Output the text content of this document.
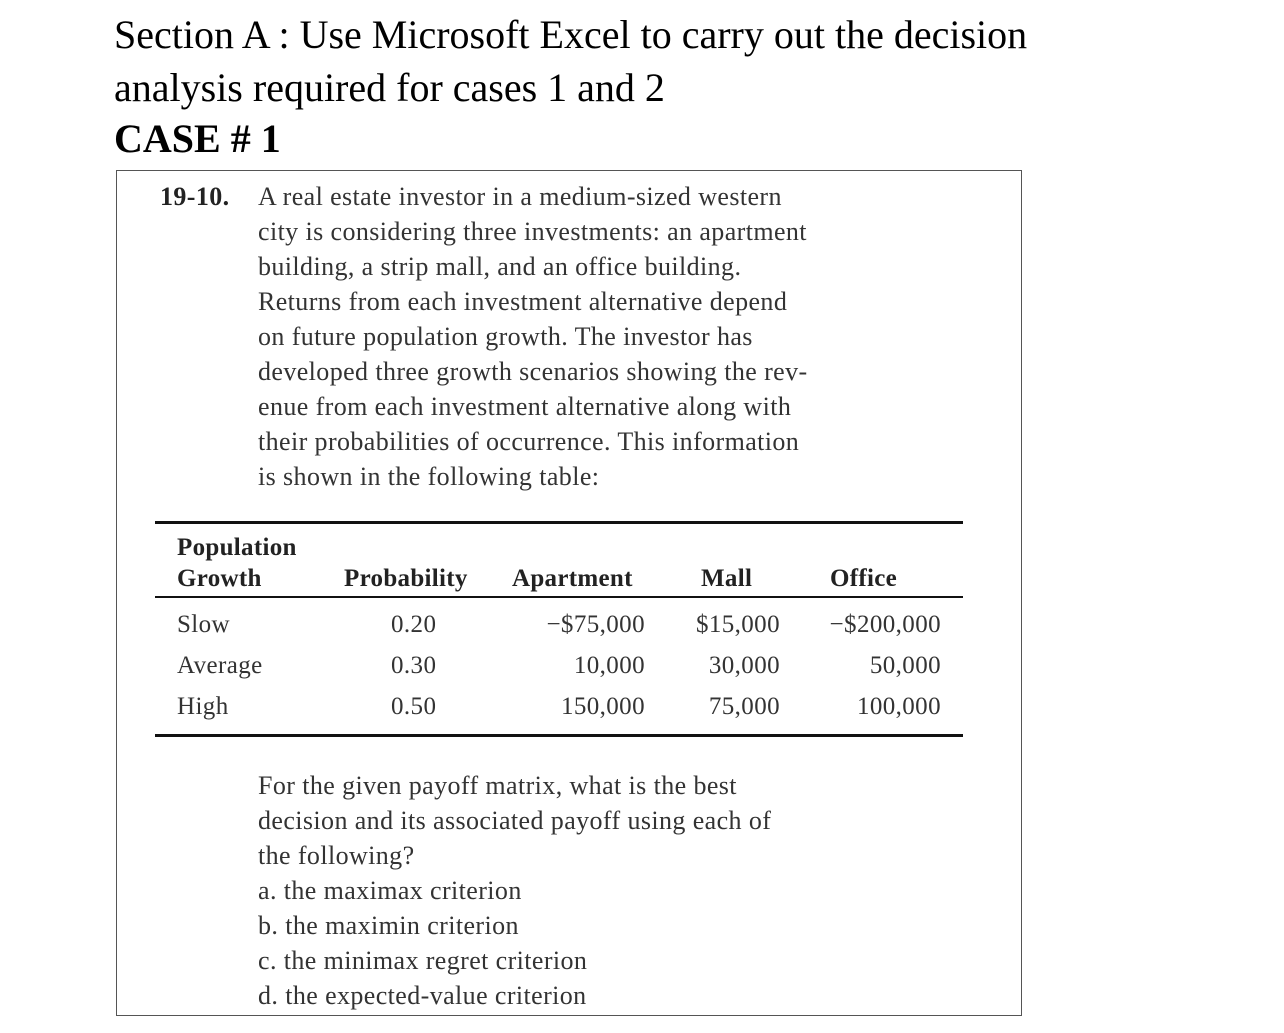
Section A : Use Microsoft Excel to carry out the decision
analysis required for cases 1 and 2
CASE # 1
19-10. A real estate investor in a medium-sized western
city is considering three investments: an apartment
building, a strip mall, and an office building.
Returns from each investment alternative depend
on future population growth. The investor has
developed three growth scenarios showing the rev-
enue from each investment alternative along with
their probabilities of occurrence. This information
is shown in the following table:

Population
Growth	Probability Apartment	Mall	Office
Slow	0.20	−$75,000	$15,000	−$200,000
Average	0.30	10,000	30,000	50,000
High	0.50	150,000	75,000	100,000

For the given payoff matrix, what is the best
decision and its associated payoff using each of
the following?

a. the maximax criterion
b. the maximin criterion
c. the minimax regret criterion
d. the expected-value criterion
